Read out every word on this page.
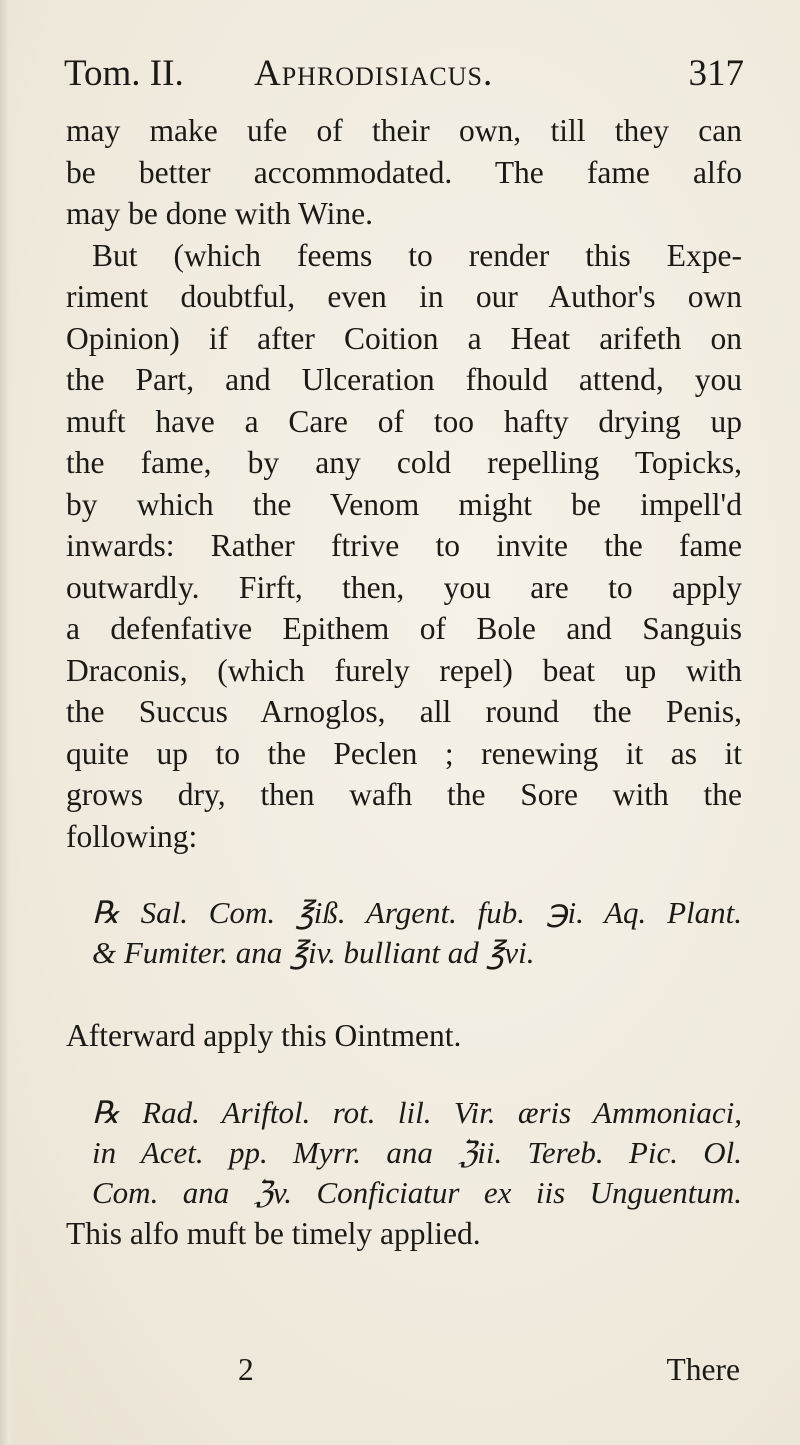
Tom. II. Aphrodisiacus.	317
may make ufe of their own, till they can
be better accommodated. The fame alfo
may be done with Wine.
But (which feems to render this Expe-
riment doubtful, even in our Author's own
Opinion) if after Coition a Heat arifeth on
the Part, and Ulceration fhould attend, you
muft have a Care of too hafty drying up
the fame, by any cold repelling Topicks,
by which the Venom might be impell'd
inwards: Rather ftrive to invite the fame
outwardly. Firft, then, you are to apply
a defenfative Epithem of Bole and Sanguis
Draconis, (which furely repel) beat up with
the Succus Arnoglos, all round the Penis,
quite up to the Peclen ; renewing it as it
grows dry, then wafh the Sore with the
following:
℞ Sal. Com. ℥iß. Argent. fub. ℈i. Aq. Plant.
& Fumiter. ana ℥iv. bulliant ad ℥vi.
Afterward apply this Ointment.
℞ Rad. Ariftol. rot. lil. Vir. æris Ammoniaci,
in Acet. pp. Myrr. ana ℨii. Tereb. Pic. Ol.
Com. ana ℨv. Conficiatur ex iis Unguentum.
This alfo muft be timely applied.
2	There
